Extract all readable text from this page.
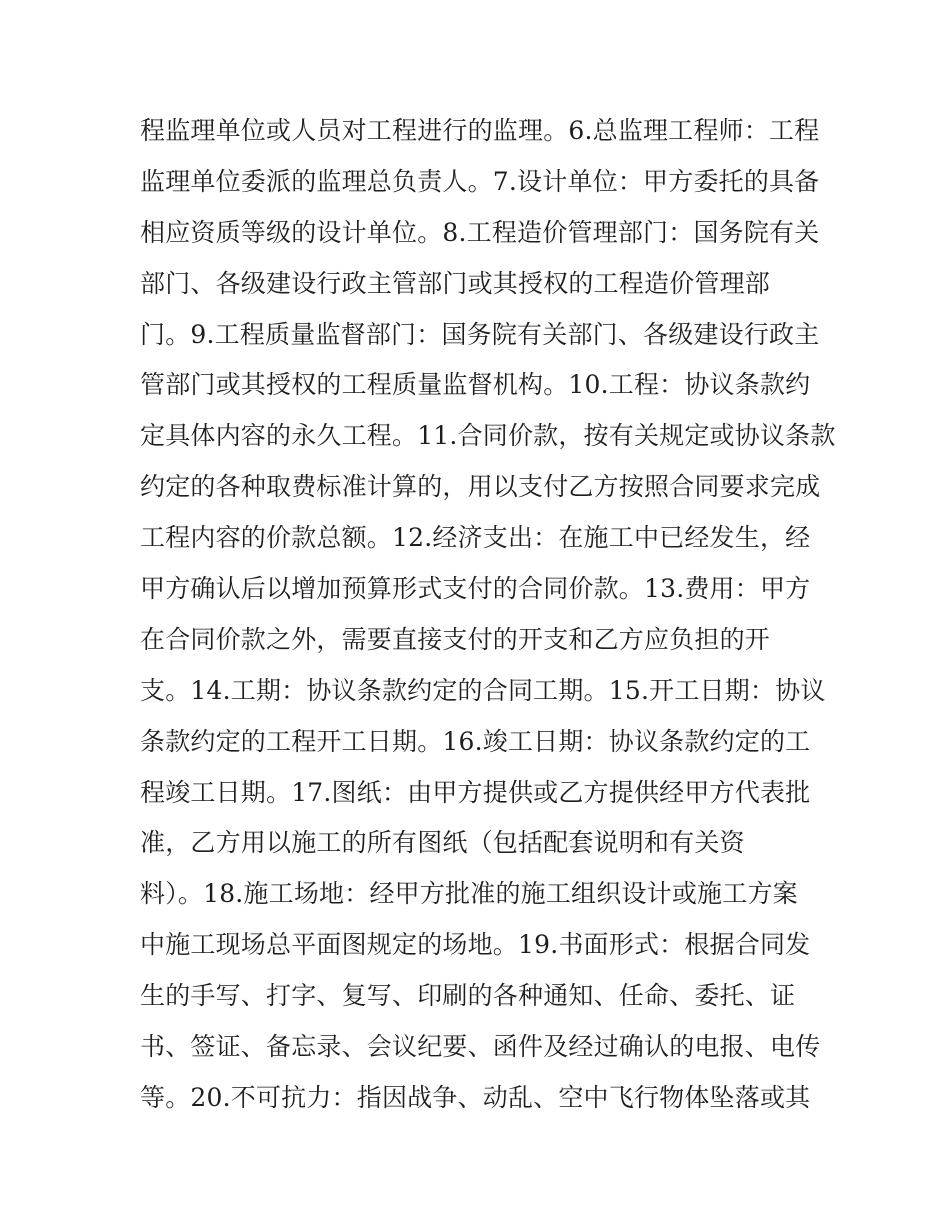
程监理单位或人员对工程进行的监理。6.总监理工程师：工程
监理单位委派的监理总负责人。7.设计单位：甲方委托的具备
相应资质等级的设计单位。8.工程造价管理部门：国务院有关
部门、各级建设行政主管部门或其授权的工程造价管理部
门。9.工程质量监督部门：国务院有关部门、各级建设行政主
管部门或其授权的工程质量监督机构。10.工程：协议条款约
定具体内容的永久工程。11.合同价款，按有关规定或协议条款
约定的各种取费标准计算的，用以支付乙方按照合同要求完成
工程内容的价款总额。12.经济支出：在施工中已经发生，经
甲方确认后以增加预算形式支付的合同价款。13.费用：甲方
在合同价款之外，需要直接支付的开支和乙方应负担的开
支。14.工期：协议条款约定的合同工期。15.开工日期：协议
条款约定的工程开工日期。16.竣工日期：协议条款约定的工
程竣工日期。17.图纸：由甲方提供或乙方提供经甲方代表批
准，乙方用以施工的所有图纸（包括配套说明和有关资
料）。18.施工场地：经甲方批准的施工组织设计或施工方案
中施工现场总平面图规定的场地。19.书面形式：根据合同发
生的手写、打字、复写、印刷的各种通知、任命、委托、证
书、签证、备忘录、会议纪要、函件及经过确认的电报、电传
等。20.不可抗力：指因战争、动乱、空中飞行物体坠落或其
